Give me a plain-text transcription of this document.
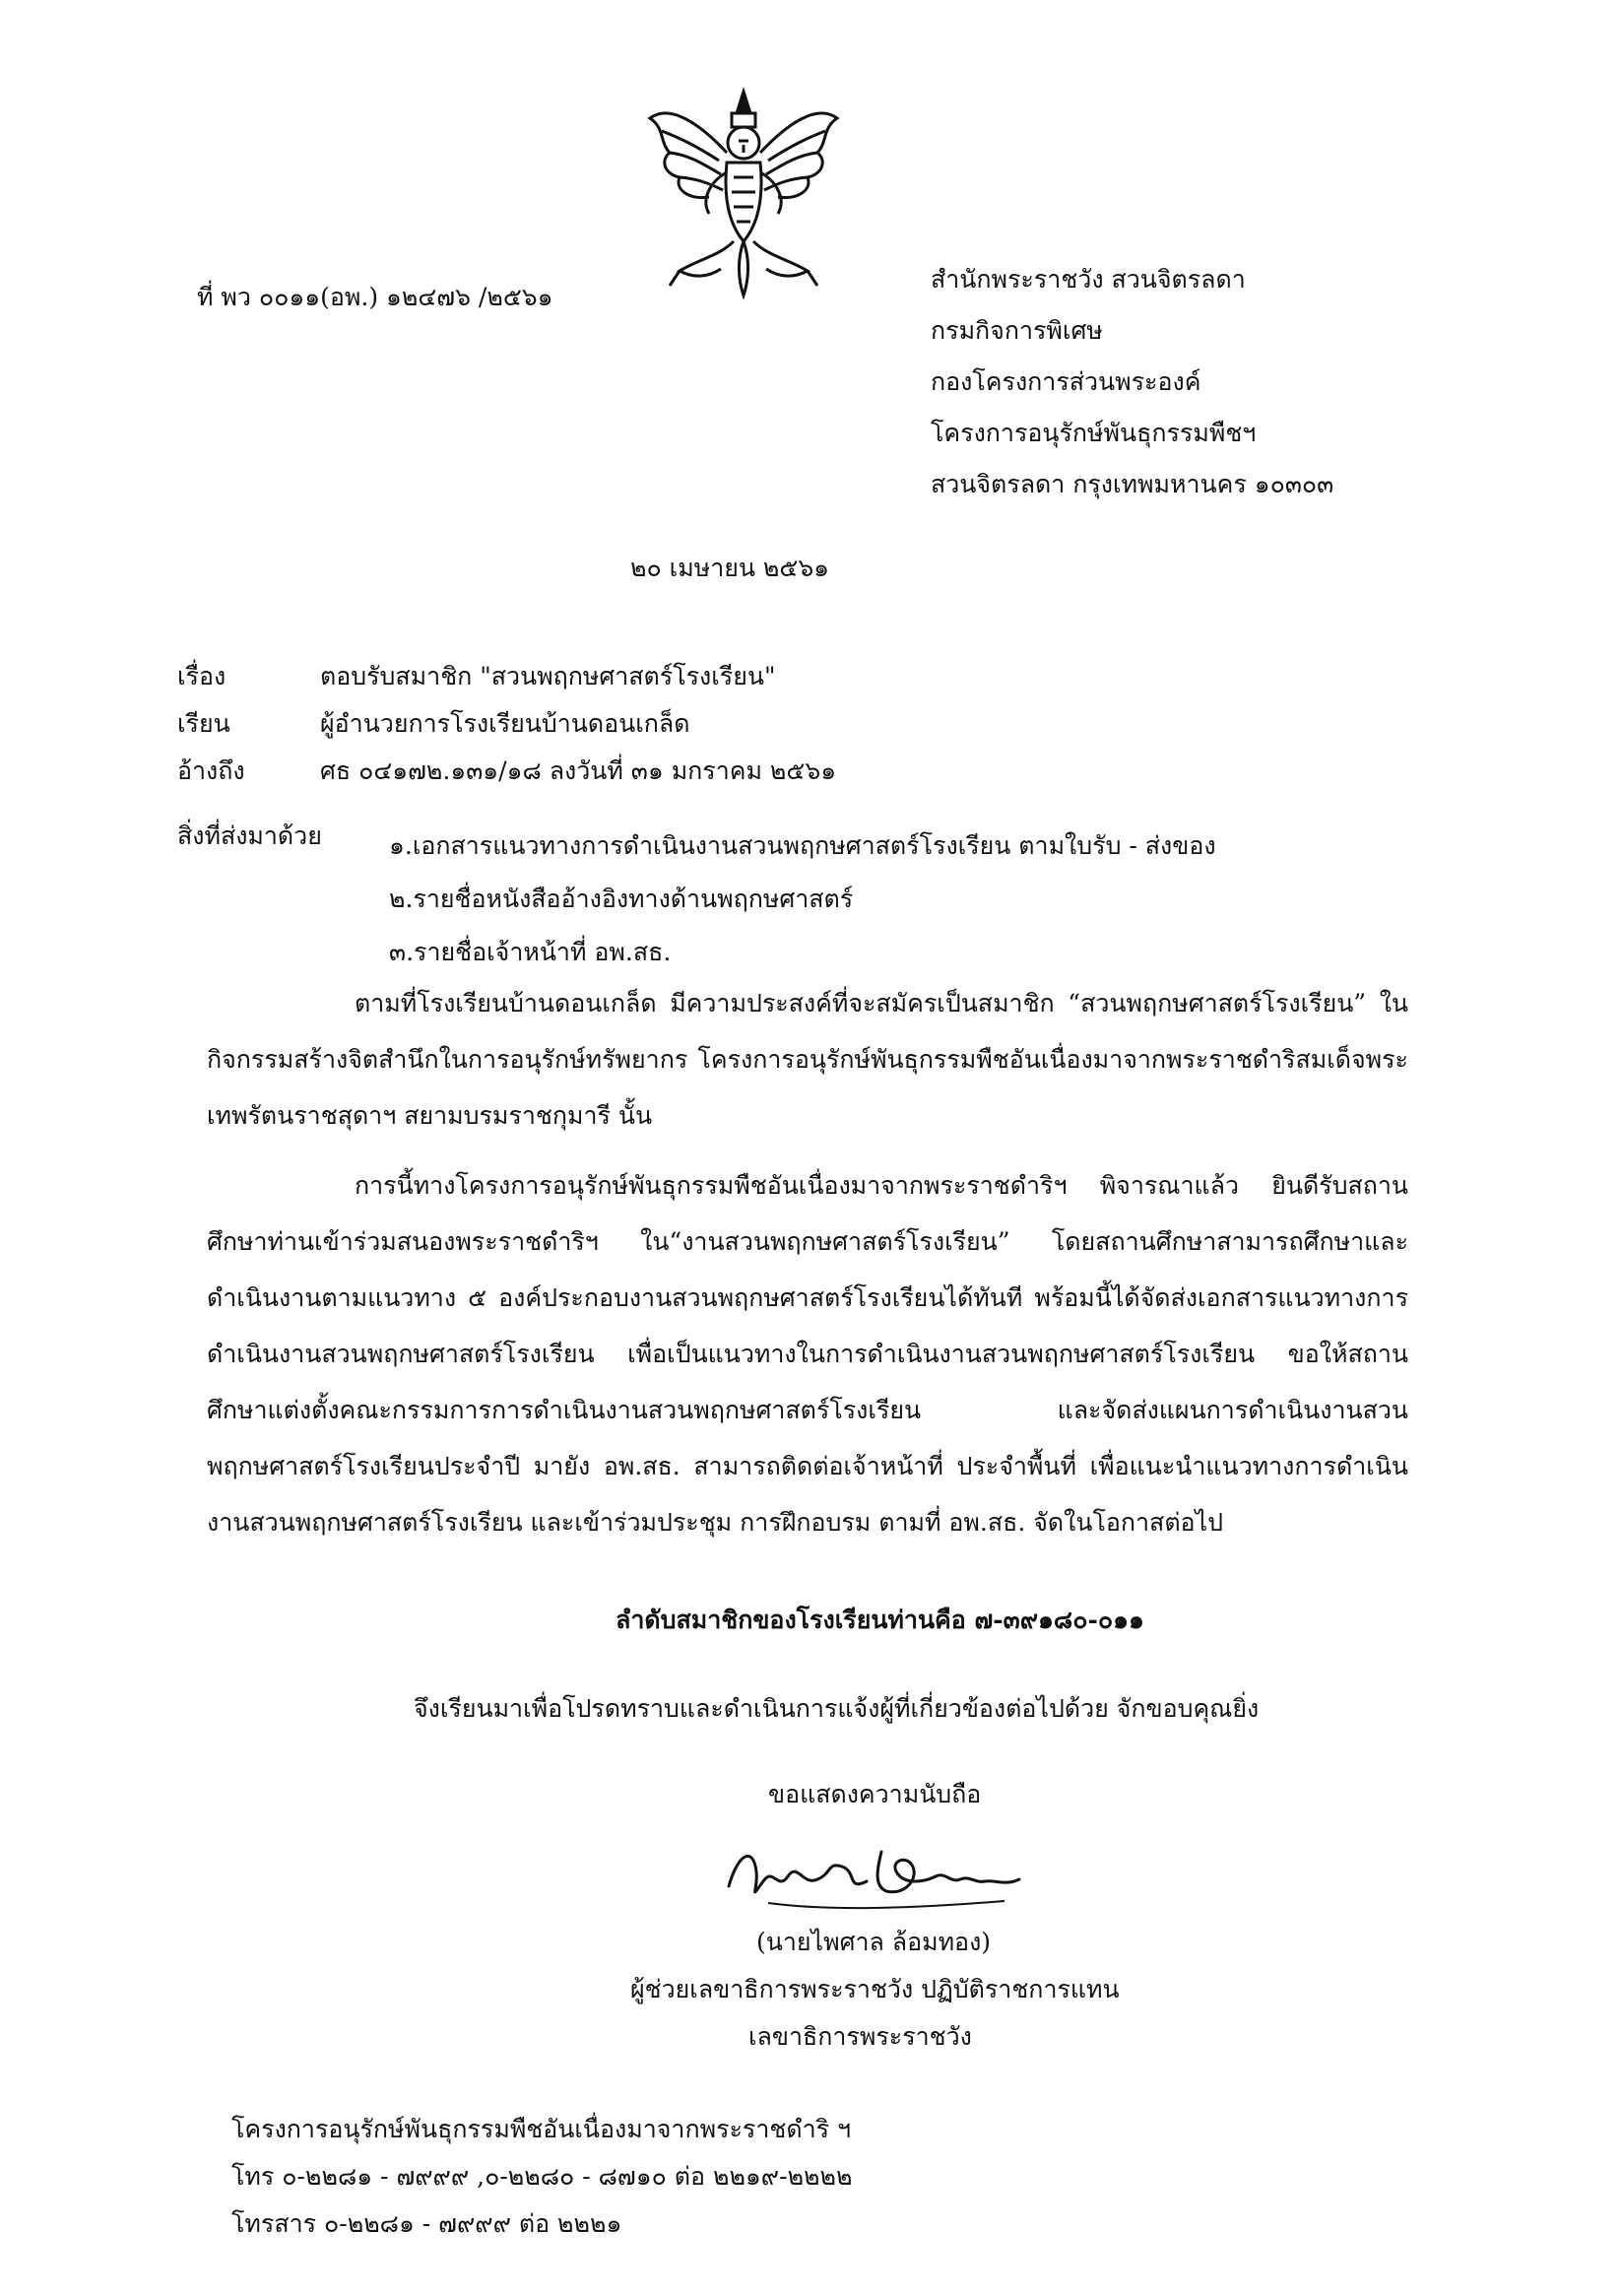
ที่ พว ๐๐๑๑(อพ.) ๑๒๔๗๖ /๒๕๖๑
สำนักพระราชวัง สวนจิตรลดา
กรมกิจการพิเศษ
กองโครงการส่วนพระองค์
โครงการอนุรักษ์พันธุกรรมพืชฯ
สวนจิตรลดา กรุงเทพมหานคร ๑๐๓๐๓
๒๐ เมษายน ๒๕๖๑
เรื่อง	ตอบรับสมาชิก "สวนพฤกษศาสตร์โรงเรียน"
เรียน	ผู้อำนวยการโรงเรียนบ้านดอนเกล็ด
อ้างถึง	ศธ ๐๔๑๗๒.๑๓๑/๑๘ ลงวันที่ ๓๑ มกราคม ๒๕๖๑
สิ่งที่ส่งมาด้วย	๑.เอกสารแนวทางการดำเนินงานสวนพฤกษศาสตร์โรงเรียน ตามใบรับ - ส่งของ
๒.รายชื่อหนังสืออ้างอิงทางด้านพฤกษศาสตร์
๓.รายชื่อเจ้าหน้าที่ อพ.สธ.
ตามที่โรงเรียนบ้านดอนเกล็ด มีความประสงค์ที่จะสมัครเป็นสมาชิก “สวนพฤกษศาสตร์โรงเรียน” ในกิจกรรมสร้างจิตสำนึกในการอนุรักษ์ทรัพยากร โครงการอนุรักษ์พันธุกรรมพืชอันเนื่องมาจากพระราชดำริสมเด็จพระเทพรัตนราชสุดาฯ สยามบรมราชกุมารี นั้น
การนี้ทางโครงการอนุรักษ์พันธุกรรมพืชอันเนื่องมาจากพระราชดำริฯ พิจารณาแล้ว ยินดีรับสถานศึกษาท่านเข้าร่วมสนองพระราชดำริฯ ใน“งานสวนพฤกษศาสตร์โรงเรียน” โดยสถานศึกษาสามารถศึกษาและดำเนินงานตามแนวทาง ๕ องค์ประกอบงานสวนพฤกษศาสตร์โรงเรียนได้ทันที พร้อมนี้ได้จัดส่งเอกสารแนวทางการดำเนินงานสวนพฤกษศาสตร์โรงเรียน เพื่อเป็นแนวทางในการดำเนินงานสวนพฤกษศาสตร์โรงเรียน ขอให้สถานศึกษาแต่งตั้งคณะกรรมการการดำเนินงานสวนพฤกษศาสตร์โรงเรียน และจัดส่งแผนการดำเนินงานสวนพฤกษศาสตร์โรงเรียนประจำปี มายัง อพ.สธ. สามารถติดต่อเจ้าหน้าที่ ประจำพื้นที่ เพื่อแนะนำแนวทางการดำเนินงานสวนพฤกษศาสตร์โรงเรียน และเข้าร่วมประชุม การฝึกอบรม ตามที่ อพ.สธ. จัดในโอกาสต่อไป
ลำดับสมาชิกของโรงเรียนท่านคือ ๗-๓๙๑๘๐-๐๑๑
จึงเรียนมาเพื่อโปรดทราบและดำเนินการแจ้งผู้ที่เกี่ยวข้องต่อไปด้วย จักขอบคุณยิ่ง
ขอแสดงความนับถือ
(นายไพศาล ล้อมทอง)
ผู้ช่วยเลขาธิการพระราชวัง ปฏิบัติราชการแทน
เลขาธิการพระราชวัง
โครงการอนุรักษ์พันธุกรรมพืชอันเนื่องมาจากพระราชดำริ ฯ
โทร ๐-๒๒๘๑ - ๗๙๙๙ ,๐-๒๒๘๐ - ๘๗๑๐ ต่อ ๒๒๑๙-๒๒๒๒
โทรสาร ๐-๒๒๘๑ - ๗๙๙๙ ต่อ ๒๒๒๑
